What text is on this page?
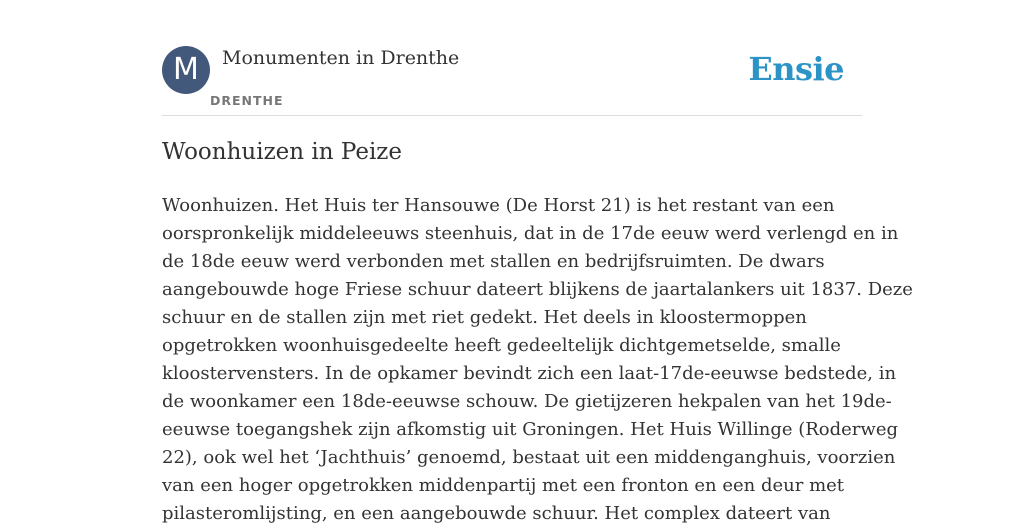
M	Monumenten in Drenthe
DRENTHE
Ensie
Woonhuizen in Peize

Woonhuizen. Het Huis ter Hansouwe (De Horst 21) is het restant van een
oorspronkelijk middeleeuws steenhuis, dat in de 17de eeuw werd verlengd en in
de 18de eeuw werd verbonden met stallen en bedrijfsruimten. De dwars
aangebouwde hoge Friese schuur dateert blijkens de jaartalankers uit 1837. Deze
schuur en de stallen zijn met riet gedekt. Het deels in kloostermoppen
opgetrokken woonhuisgedeelte heeft gedeeltelijk dichtgemetselde, smalle
kloostervensters. In de opkamer bevindt zich een laat-17de-eeuwse bedstede, in
de woonkamer een 18de-eeuwse schouw. De gietijzeren hekpalen van het 19de-
eeuwse toegangshek zijn afkomstig uit Groningen. Het Huis Willinge (Roderweg
22), ook wel het ‘Jachthuis’ genoemd, bestaat uit een middenganghuis, voorzien
van een hoger opgetrokken middenpartij met een fronton en een deur met
pilasteromlijsting, en een aangebouwde schuur. Het complex dateert van
